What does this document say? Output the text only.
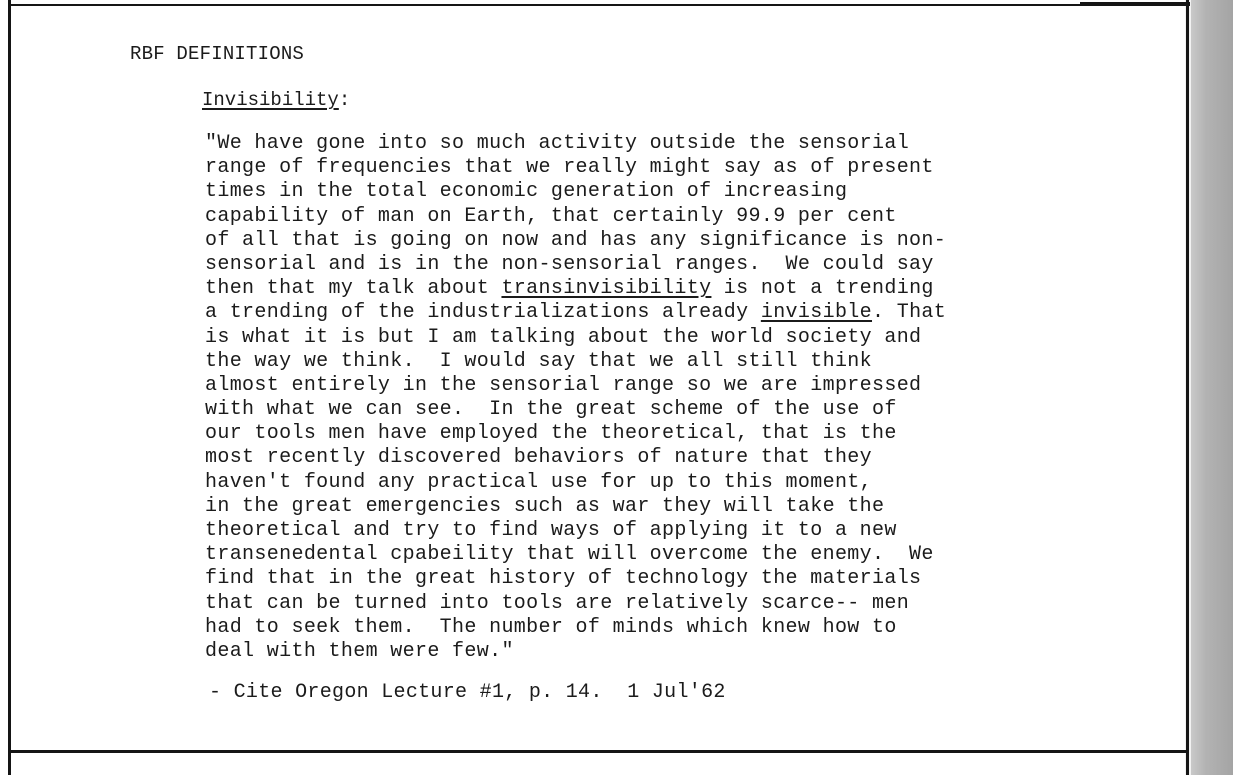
RBF DEFINITIONS
Invisibility:
"We have gone into so much activity outside the sensorial
range of frequencies that we really might say as of present
times in the total economic generation of increasing
capability of man on Earth, that certainly 99.9 per cent
of all that is going on now and has any significance is non-
sensorial and is in the non-sensorial ranges.  We could say
then that my talk about transinvisibility is not a trending
a trending of the industrializations already invisible. That
is what it is but I am talking about the world society and
the way we think.  I would say that we all still think
almost entirely in the sensorial range so we are impressed
with what we can see.  In the great scheme of the use of
our tools men have employed the theoretical, that is the
most recently discovered behaviors of nature that they
haven't found any practical use for up to this moment,
in the great emergencies such as war they will take the
theoretical and try to find ways of applying it to a new
transenedental cpabeility that will overcome the enemy.  We
find that in the great history of technology the materials
that can be turned into tools are relatively scarce-- men
had to seek them.  The number of minds which knew how to
deal with them were few."
- Cite Oregon Lecture #1, p. 14.  1 Jul'62
